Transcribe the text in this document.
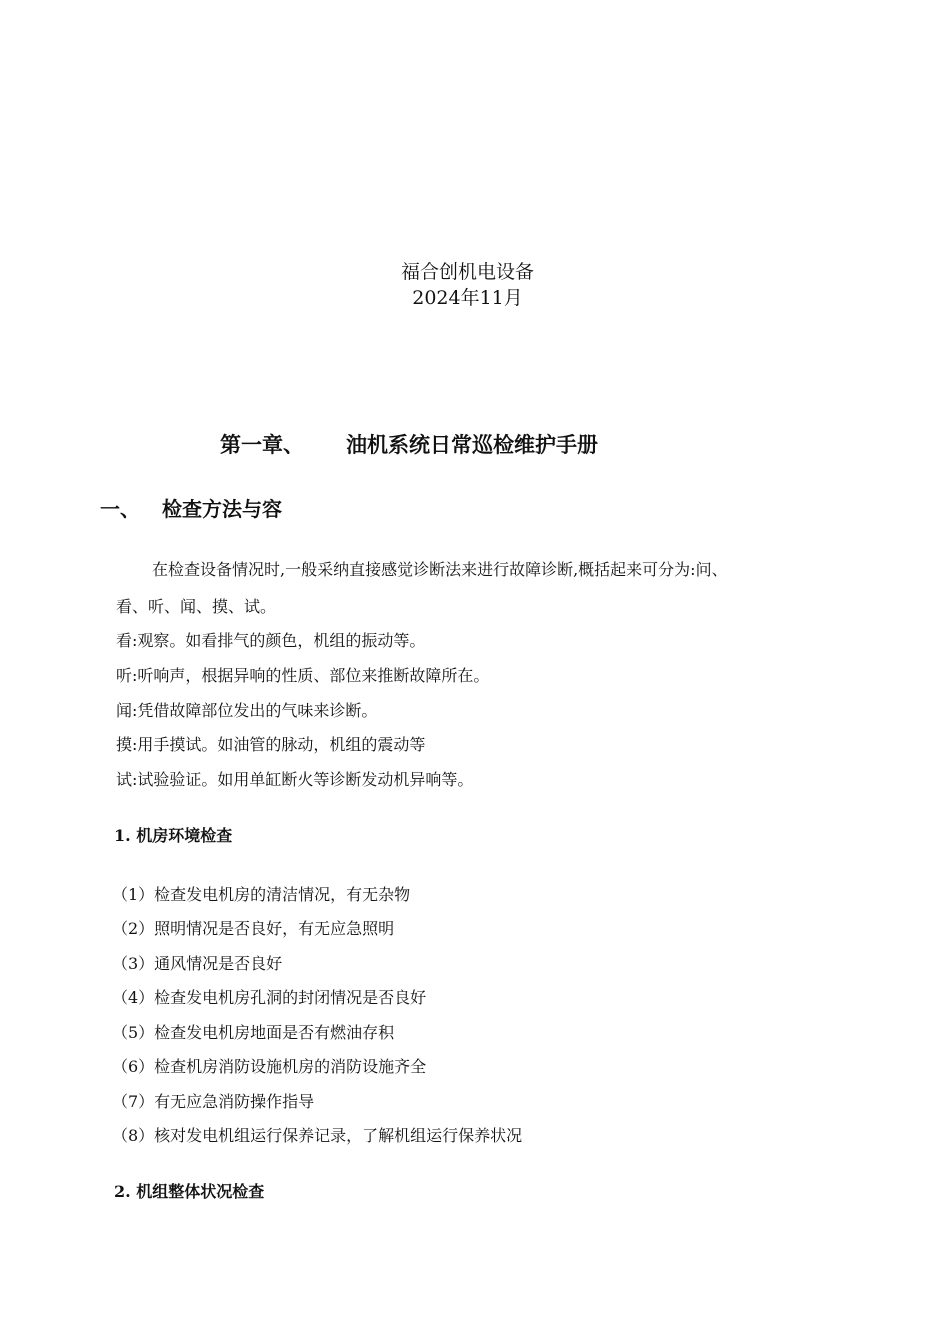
福合创机电设备
2024年11月
第一章、 油机系统日常巡检维护手册
一、 检查方法与容
在检查设备情况时,一般采纳直接感觉诊断法来进行故障诊断,概括起来可分为:问、
看、听、闻、摸、试。
看:观察。如看排气的颜色，机组的振动等。
听:听响声，根据异响的性质、部位来推断故障所在。
闻:凭借故障部位发出的气味来诊断。
摸:用手摸试。如油管的脉动，机组的震动等
试:试验验证。如用单缸断火等诊断发动机异响等。
1. 机房环境检查
（1）检查发电机房的清洁情况，有无杂物
（2）照明情况是否良好，有无应急照明
（3）通风情况是否良好
（4）检查发电机房孔洞的封闭情况是否良好
（5）检查发电机房地面是否有燃油存积
（6）检查机房消防设施机房的消防设施齐全
（7）有无应急消防操作指导
（8）核对发电机组运行保养记录，了解机组运行保养状况
2. 机组整体状况检查
